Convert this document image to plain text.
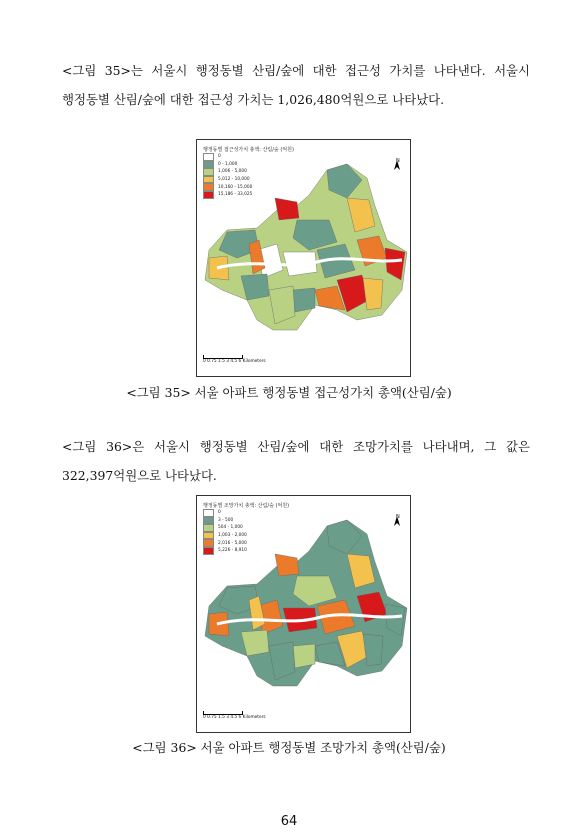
<그림 35>는 서울시 행정동별 산림/숲에 대한 접근성 가치를 나타낸다. 서울시
행정동별 산림/숲에 대한 접근성 가치는 1,026,480억원으로 나타났다.
행정동별 접근성가치 총액: 산림/숲 (억원)
0
0 - 1,000
1,006 - 5,000
5,012 - 10,000
10,160 - 15,000
15,186 - 33,025
N
0 0.75 1.5 3 4.5 6 Kilometers
<그림 35> 서울 아파트 행정동별 접근성가치 총액(산림/숲)
<그림 36>은 서울시 행정동별 산림/숲에 대한 조망가치를 나타내며, 그 값은
322,397억원으로 나타났다.
행정동별 조망가치 총액: 산림/숲 (억원)
0
3 - 500
504 - 1,000
1,003 - 2,000
2,016 - 5,000
5,226 - 8,910
N
0 0.75 1.5 3 4.5 6 Kilometers
<그림 36> 서울 아파트 행정동별 조망가치 총액(산림/숲)
64
